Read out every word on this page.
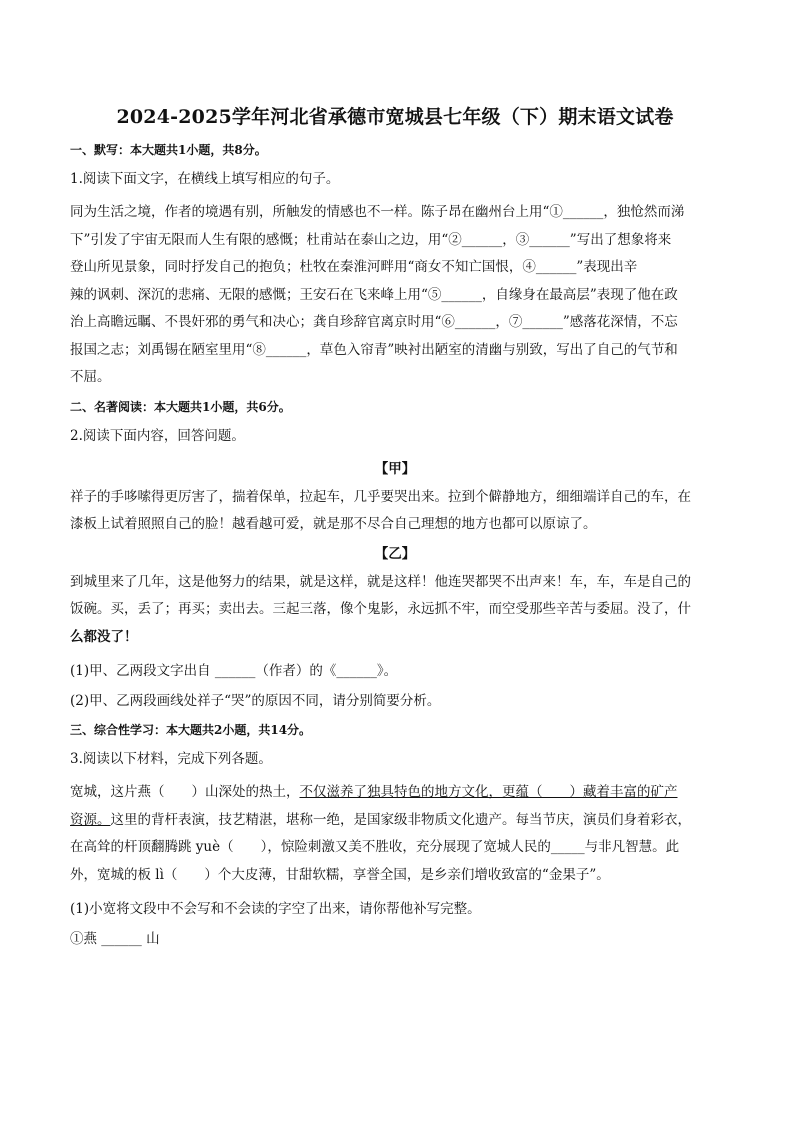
2024-2025学年河北省承德市宽城县七年级（下）期末语文试卷
一、默写：本大题共1小题，共8分。
1.阅读下面文字，在横线上填写相应的句子。

同为生活之境，作者的境遇有别，所触发的情感也不一样。陈子昂在幽州台上用“①______，独怆然而涕

下”引发了宇宙无限而人生有限的感慨；杜甫站在泰山之边，用“②______，③______”写出了想象将来

登山所见景象，同时抒发自己的抱负；杜牧在秦淮河畔用“商女不知亡国恨，④______”表现出辛

辣的讽刺、深沉的悲痛、无限的感慨；王安石在飞来峰上用“⑤______，自缘身在最高层”表现了他在政

治上高瞻远瞩、不畏奸邪的勇气和决心；龚自珍辞官离京时用“⑥______，⑦______”感落花深情，不忘

报国之志；刘禹锡在陋室里用“⑧______，草色入帘青”映衬出陋室的清幽与别致，写出了自己的气节和

不屈。

二、名著阅读：本大题共1小题，共6分。
2.阅读下面内容，回答问题。
【甲】

祥子的手哆嗦得更厉害了，揣着保单，拉起车，几乎要哭出来。拉到个僻静地方，细细端详自己的车，在

漆板上试着照照自己的脸！越看越可爱，就是那不尽合自己理想的地方也都可以原谅了。

【乙】

到城里来了几年，这是他努力的结果，就是这样，就是这样！他连哭都哭不出声来！车，车，车是自己的

饭碗。买，丢了；再买；卖出去。三起三落，像个鬼影，永远抓不牢，而空受那些辛苦与委屈。没了，什

么都没了！

(1)甲、乙两段文字出自 ______（作者）的《______》。
(2)甲、乙两段画线处祥子“哭”的原因不同，请分别简要分析。
三、综合性学习：本大题共2小题，共14分。
3.阅读以下材料，完成下列各题。

宽城，这片燕（　　）山深处的热土，不仅滋养了独具特色的地方文化，更蕴（　　）藏着丰富的矿产

资源。这里的背杆表演，技艺精湛，堪称一绝，是国家级非物质文化遗产。每当节庆，演员们身着彩衣，

在高耸的杆顶翻腾跳 yuè（　　），惊险刺激又美不胜收，充分展现了宽城人民的_____与非凡智慧。此

外，宽城的板 lì（　　）个大皮薄，甘甜软糯，享誉全国，是乡亲们增收致富的“金果子”。

(1)小宽将文段中不会写和不会读的字空了出来，请你帮他补写完整。
①燕 ______ 山
